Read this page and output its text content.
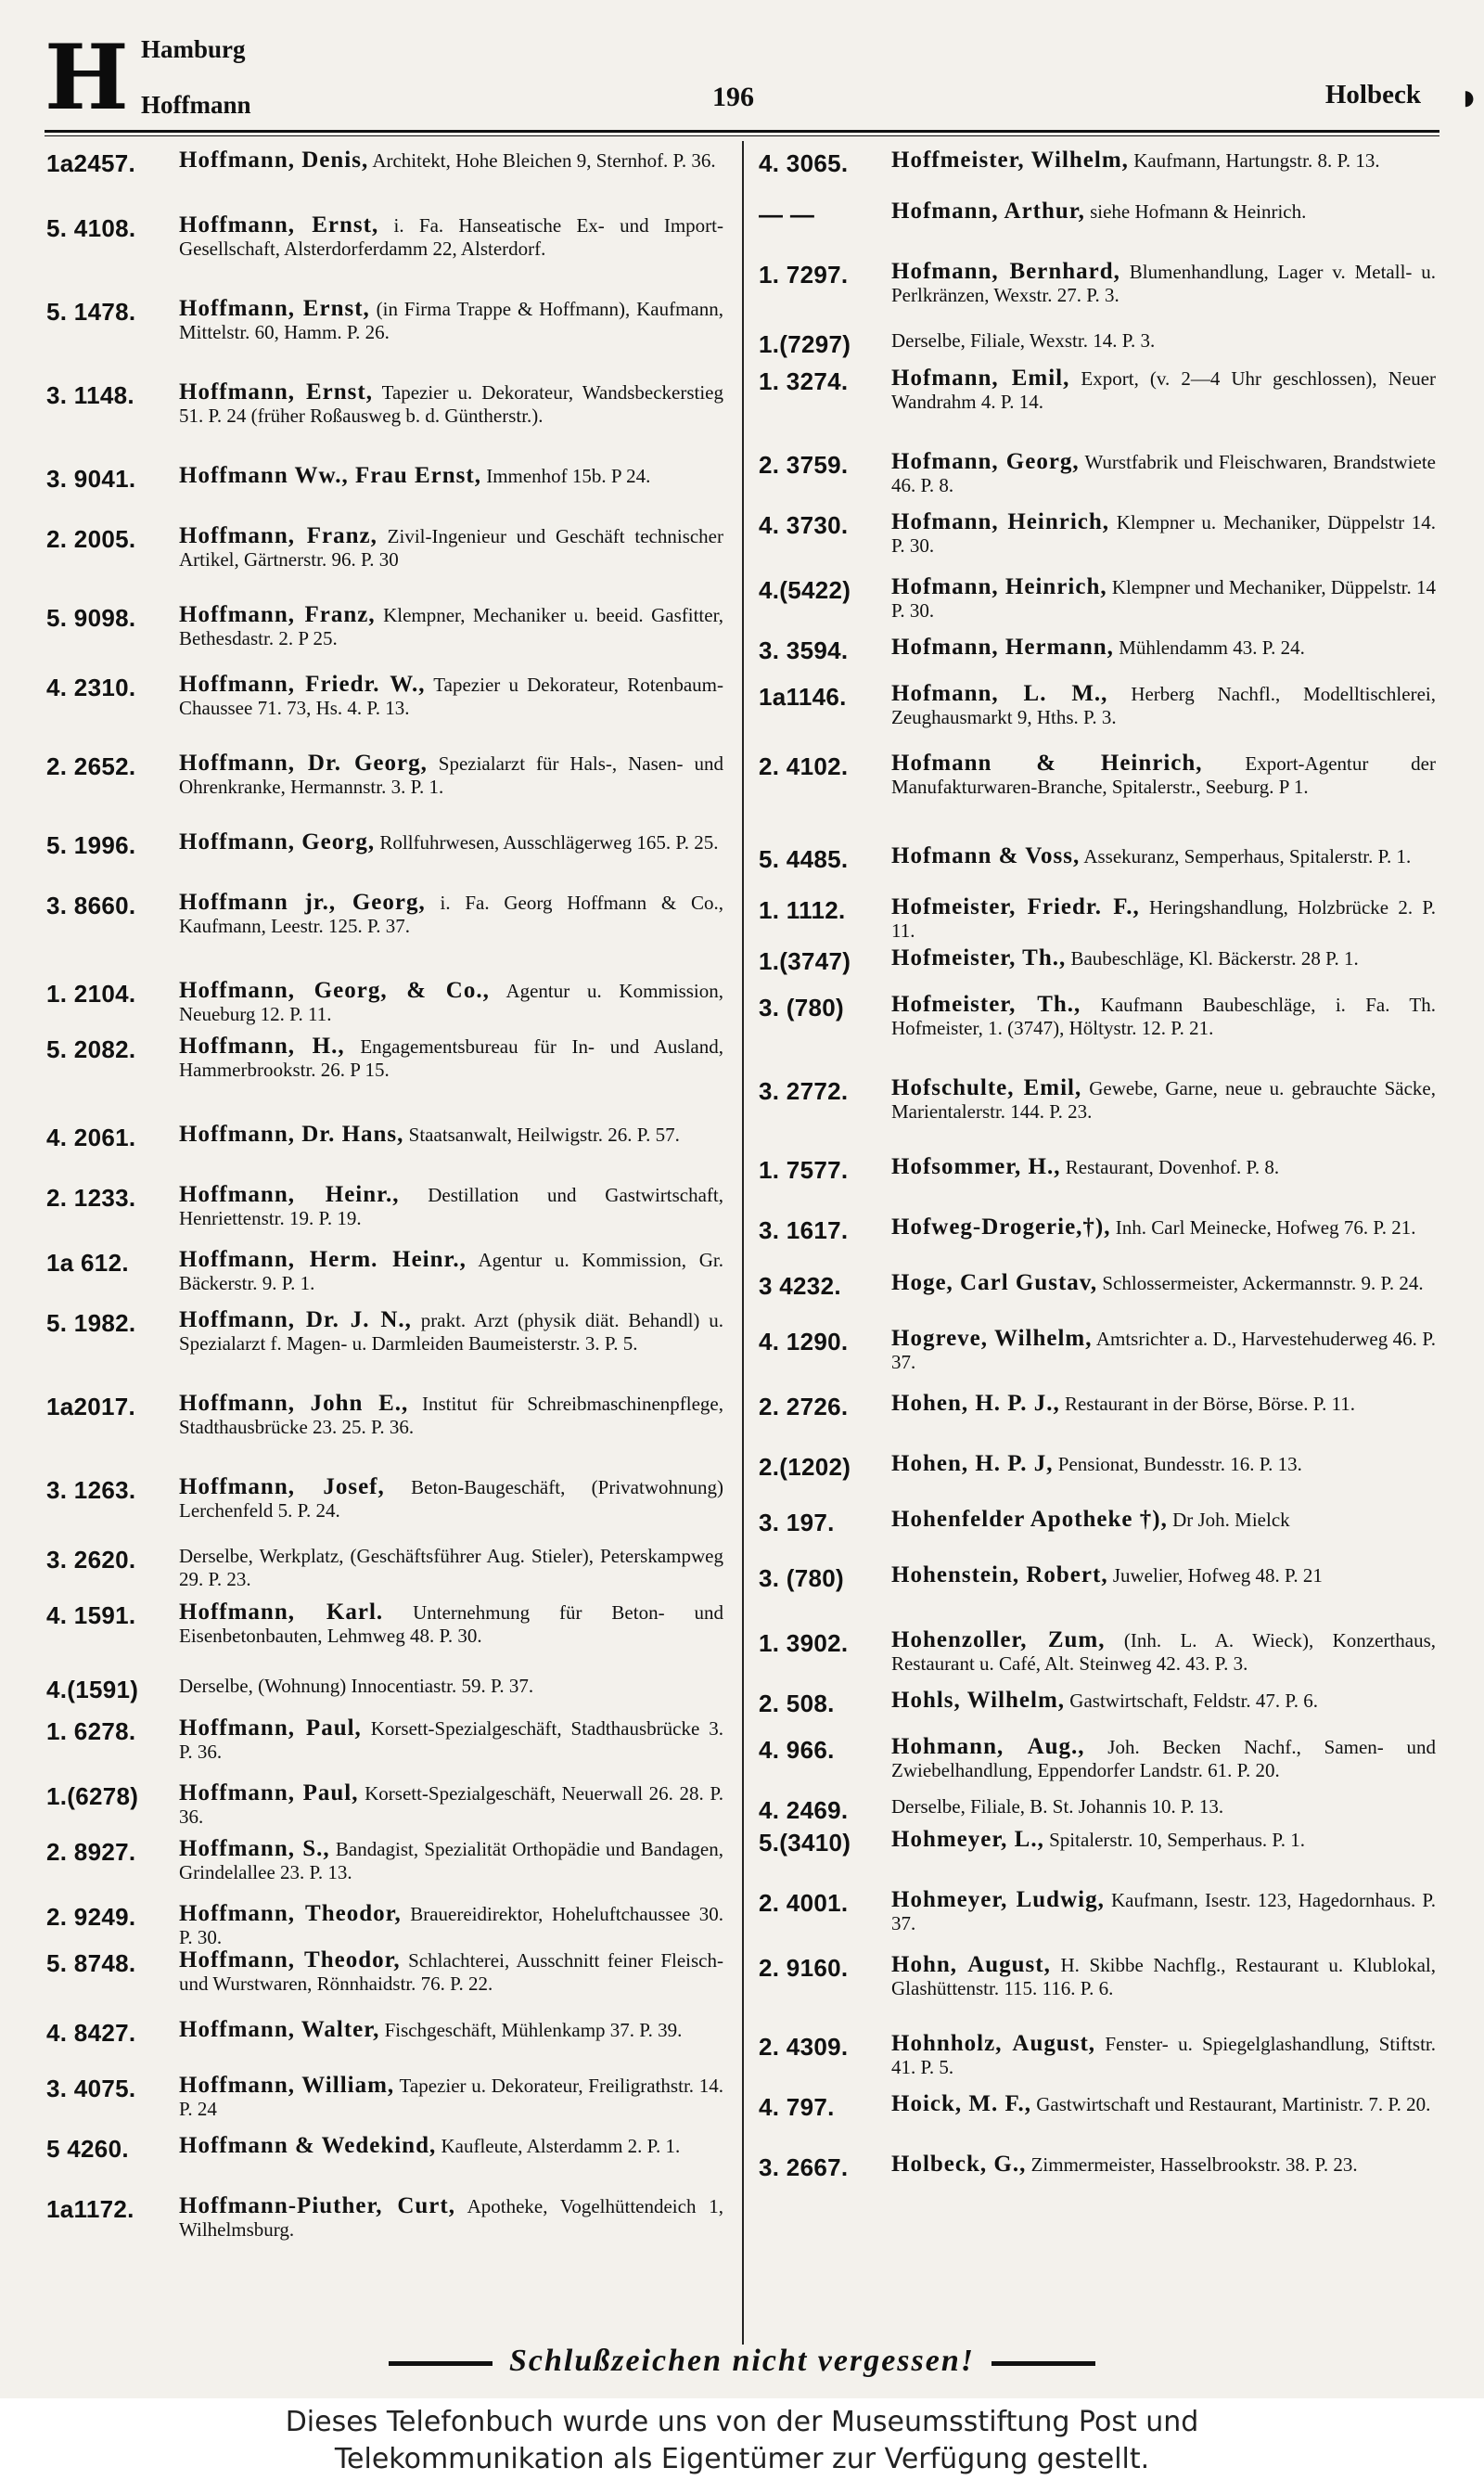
H Hamburg
Hoffmann	196	Holbeck ◗
1a2457.	Hoffmann, Denis, Architekt, Hohe Bleichen 9, Sternhof. P. 36.
5. 4108.	Hoffmann, Ernst, i. Fa. Hanseatische Ex- und Import-Gesellschaft, Alsterdorferdamm 22, Alsterdorf.
5. 1478.	Hoffmann, Ernst, (in Firma Trappe & Hoffmann), Kaufmann, Mittelstr. 60, Hamm. P. 26.
3. 1148.	Hoffmann, Ernst, Tapezier u. Dekorateur, Wandsbeckerstieg 51. P. 24 (früher Roßausweg b. d. Güntherstr.).
3. 9041.	Hoffmann Ww., Frau Ernst, Immenhof 15b. P 24.
2. 2005.	Hoffmann, Franz, Zivil-Ingenieur und Geschäft technischer Artikel, Gärtnerstr. 96. P. 30
5. 9098.	Hoffmann, Franz, Klempner, Mechaniker u. beeid. Gasfitter, Bethesdastr. 2. P 25.
4. 2310.	Hoffmann, Friedr. W., Tapezier u Dekorateur, Rotenbaum-Chaussee 71. 73, Hs. 4. P. 13.
2. 2652.	Hoffmann, Dr. Georg, Spezialarzt für Hals-, Nasen- und Ohrenkranke, Hermannstr. 3. P. 1.
5. 1996.	Hoffmann, Georg, Rollfuhrwesen, Ausschlägerweg 165. P. 25.
3. 8660.	Hoffmann jr., Georg, i. Fa. Georg Hoffmann & Co., Kaufmann, Leestr. 125. P. 37.
1. 2104.	Hoffmann, Georg, & Co., Agentur u. Kommission, Neueburg 12. P. 11.
5. 2082.	Hoffmann, H., Engagementsbureau für In- und Ausland, Hammerbrookstr. 26. P 15.
4. 2061.	Hoffmann, Dr. Hans, Staatsanwalt, Heilwigstr. 26. P. 57.
2. 1233.	Hoffmann, Heinr., Destillation und Gastwirtschaft, Henriettenstr. 19. P. 19.
1a 612.	Hoffmann, Herm. Heinr., Agentur u. Kommission, Gr. Bäckerstr. 9. P. 1.
5. 1982.	Hoffmann, Dr. J. N., prakt. Arzt (physik diät. Behandl) u. Spezialarzt f. Magen- u. Darmleiden Baumeisterstr. 3. P. 5.
1a2017.	Hoffmann, John E., Institut für Schreibmaschinenpflege, Stadthausbrücke 23. 25. P. 36.
3. 1263.	Hoffmann, Josef, Beton-Baugeschäft, (Privatwohnung) Lerchenfeld 5. P. 24.
3. 2620.	Derselbe, Werkplatz, (Geschäftsführer Aug. Stieler), Peterskampweg 29. P. 23.
4. 1591.	Hoffmann, Karl. Unternehmung für Beton- und Eisenbetonbauten, Lehmweg 48. P. 30.
4.(1591)	Derselbe, (Wohnung) Innocentiastr. 59. P. 37.
1. 6278.	Hoffmann, Paul, Korsett-Spezialgeschäft, Stadthausbrücke 3. P. 36.
1.(6278)	Hoffmann, Paul, Korsett-Spezialgeschäft, Neuerwall 26. 28. P. 36.
2. 8927.	Hoffmann, S., Bandagist, Spezialität Orthopädie und Bandagen, Grindelallee 23. P. 13.
2. 9249.	Hoffmann, Theodor, Brauereidirektor, Hoheluftchaussee 30. P. 30.
5. 8748.	Hoffmann, Theodor, Schlachterei, Ausschnitt feiner Fleisch- und Wurstwaren, Rönnhaidstr. 76. P. 22.
4. 8427.	Hoffmann, Walter, Fischgeschäft, Mühlenkamp 37. P. 39.
3. 4075.	Hoffmann, William, Tapezier u. Dekorateur, Freiligrathstr. 14. P. 24
5 4260.	Hoffmann & Wedekind, Kaufleute, Alsterdamm 2. P. 1.
1a1172.	Hoffmann-Piuther, Curt, Apotheke, Vogelhüttendeich 1, Wilhelmsburg.
4. 3065.	Hoffmeister, Wilhelm, Kaufmann, Hartungstr. 8. P. 13.
— —	Hofmann, Arthur, siehe Hofmann & Heinrich.
1. 7297.	Hofmann, Bernhard, Blumenhandlung, Lager v. Metall- u. Perlkränzen, Wexstr. 27. P. 3.
1.(7297)	Derselbe, Filiale, Wexstr. 14. P. 3.
1. 3274.	Hofmann, Emil, Export, (v. 2—4 Uhr geschlossen), Neuer Wandrahm 4. P. 14.
2. 3759.	Hofmann, Georg, Wurstfabrik und Fleischwaren, Brandstwiete 46. P. 8.
4. 3730.	Hofmann, Heinrich, Klempner u. Mechaniker, Düppelstr 14. P. 30.
4.(5422)	Hofmann, Heinrich, Klempner und Mechaniker, Düppelstr. 14 P. 30.
3. 3594.	Hofmann, Hermann, Mühlendamm 43. P. 24.
1a1146.	Hofmann, L. M., Herberg Nachfl., Modelltischlerei, Zeughausmarkt 9, Hths. P. 3.
2. 4102.	Hofmann & Heinrich, Export-Agentur der Manufakturwaren-Branche, Spitalerstr., Seeburg. P 1.
5. 4485.	Hofmann & Voss, Assekuranz, Semperhaus, Spitalerstr. P. 1.
1. 1112.	Hofmeister, Friedr. F., Heringshandlung, Holzbrücke 2. P. 11.
1.(3747)	Hofmeister, Th., Baubeschläge, Kl. Bäckerstr. 28 P. 1.
3. (780)	Hofmeister, Th., Kaufmann Baubeschläge, i. Fa. Th. Hofmeister, 1. (3747), Höltystr. 12. P. 21.
3. 2772.	Hofschulte, Emil, Gewebe, Garne, neue u. gebrauchte Säcke, Marientalerstr. 144. P. 23.
1. 7577.	Hofsommer, H., Restaurant, Dovenhof. P. 8.
3. 1617.	Hofweg-Drogerie,†), Inh. Carl Meinecke, Hofweg 76. P. 21.
3 4232.	Hoge, Carl Gustav, Schlossermeister, Ackermannstr. 9. P. 24.
4. 1290.	Hogreve, Wilhelm, Amtsrichter a. D., Harvestehuderweg 46. P. 37.
2. 2726.	Hohen, H. P. J., Restaurant in der Börse, Börse. P. 11.
2.(1202)	Hohen, H. P. J, Pensionat, Bundesstr. 16. P. 13.
3. 197.	Hohenfelder Apotheke †), Dr Joh. Mielck
3. (780)	Hohenstein, Robert, Juwelier, Hofweg 48. P. 21
1. 3902.	Hohenzoller, Zum, (Inh. L. A. Wieck), Konzerthaus, Restaurant u. Café, Alt. Steinweg 42. 43. P. 3.
2. 508.	Hohls, Wilhelm, Gastwirtschaft, Feldstr. 47. P. 6.
4. 966.	Hohmann, Aug., Joh. Becken Nachf., Samen- und Zwiebelhandlung, Eppendorfer Landstr. 61. P. 20.
4. 2469.	Derselbe, Filiale, B. St. Johannis 10. P. 13.
5.(3410)	Hohmeyer, L., Spitalerstr. 10, Semperhaus. P. 1.
2. 4001.	Hohmeyer, Ludwig, Kaufmann, Isestr. 123, Hagedornhaus. P. 37.
2. 9160.	Hohn, August, H. Skibbe Nachflg., Restaurant u. Klublokal, Glashüttenstr. 115. 116. P. 6.
2. 4309.	Hohnholz, August, Fenster- u. Spiegelglashandlung, Stiftstr. 41. P. 5.
4. 797.	Hoick, M. F., Gastwirtschaft und Restaurant, Martinistr. 7. P. 20.
3. 2667.	Holbeck, G., Zimmermeister, Hasselbrookstr. 38. P. 23.
Schlußzeichen nicht vergessen!
Dieses Telefonbuch wurde uns von der Museumsstiftung Post und
Telekommunikation als Eigentümer zur Verfügung gestellt.
